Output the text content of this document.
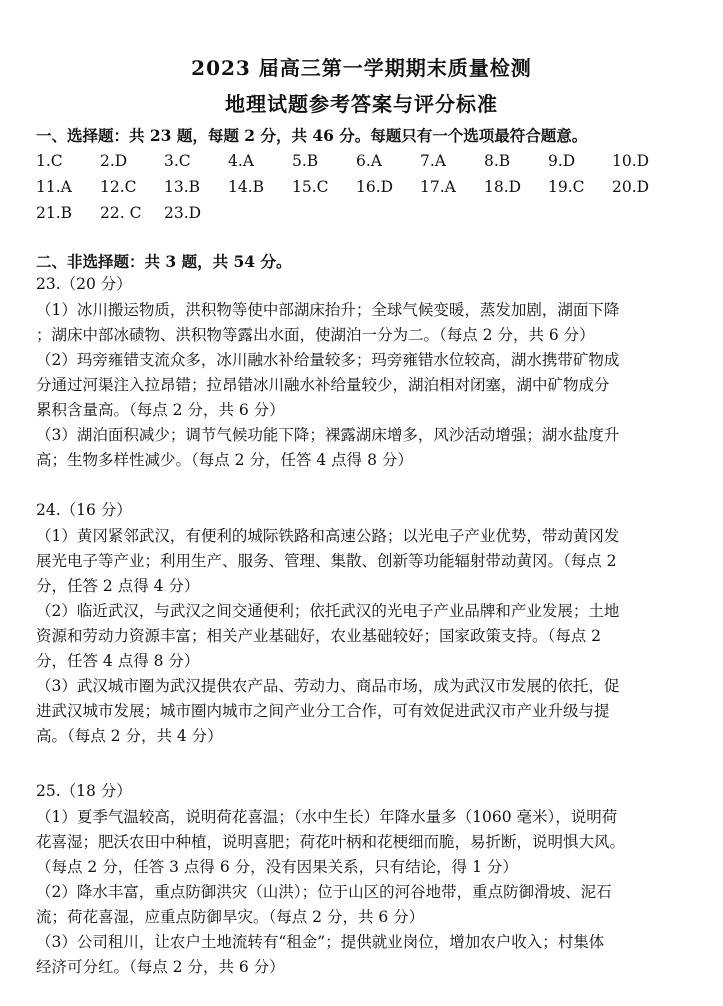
2023 届高三第一学期期末质量检测
地理试题参考答案与评分标准
一、选择题：共 23 题，每题 2 分，共 46 分。每题只有一个选项最符合题意。
1.C	2.D	3.C	4.A	5.B	6.A	7.A	8.B	9.D	10.D
11.A	12.C	13.B	14.B	15.C	16.D	17.A	18.D	19.C	20.D
21.B	22. C	23.D
二、非选择题：共 3 题，共 54 分。
23.（20 分）
（1）冰川搬运物质，洪积物等使中部湖床抬升；全球气候变暖，蒸发加剧，湖面下降
；湖床中部冰碛物、洪积物等露出水面，使湖泊一分为二。（每点 2 分，共 6 分）
（2）玛旁雍错支流众多，冰川融水补给量较多；玛旁雍错水位较高，湖水携带矿物成
分通过河渠注入拉昂错；拉昂错冰川融水补给量较少，湖泊相对闭塞，湖中矿物成分
累积含量高。（每点 2 分，共 6 分）
（3）湖泊面积减少；调节气候功能下降；裸露湖床增多，风沙活动增强；湖水盐度升
高；生物多样性减少。（每点 2 分，任答 4 点得 8 分）
24.（16 分）
（1）黄冈紧邻武汉，有便利的城际铁路和高速公路；以光电子产业优势，带动黄冈发
展光电子等产业；利用生产、服务、管理、集散、创新等功能辐射带动黄冈。（每点 2
分，任答 2 点得 4 分）
（2）临近武汉，与武汉之间交通便利；依托武汉的光电子产业品牌和产业发展；土地
资源和劳动力资源丰富；相关产业基础好，农业基础较好；国家政策支持。（每点 2
分，任答 4 点得 8 分）
（3）武汉城市圈为武汉提供农产品、劳动力、商品市场，成为武汉市发展的依托，促
进武汉城市发展；城市圈内城市之间产业分工合作，可有效促进武汉市产业升级与提
高。（每点 2 分，共 4 分）
25.（18 分）
（1）夏季气温较高，说明荷花喜温；（水中生长）年降水量多（1060 毫米），说明荷
花喜湿；肥沃农田中种植，说明喜肥；荷花叶柄和花梗细而脆，易折断，说明惧大风。
（每点 2 分，任答 3 点得 6 分，没有因果关系，只有结论，得 1 分）
（2）降水丰富，重点防御洪灾（山洪）；位于山区的河谷地带，重点防御滑坡、泥石
流；荷花喜湿，应重点防御旱灾。（每点 2 分，共 6 分）
（3）公司租川，让农户土地流转有“租金”；提供就业岗位，增加农户收入；村集体
经济可分红。（每点 2 分，共 6 分）
